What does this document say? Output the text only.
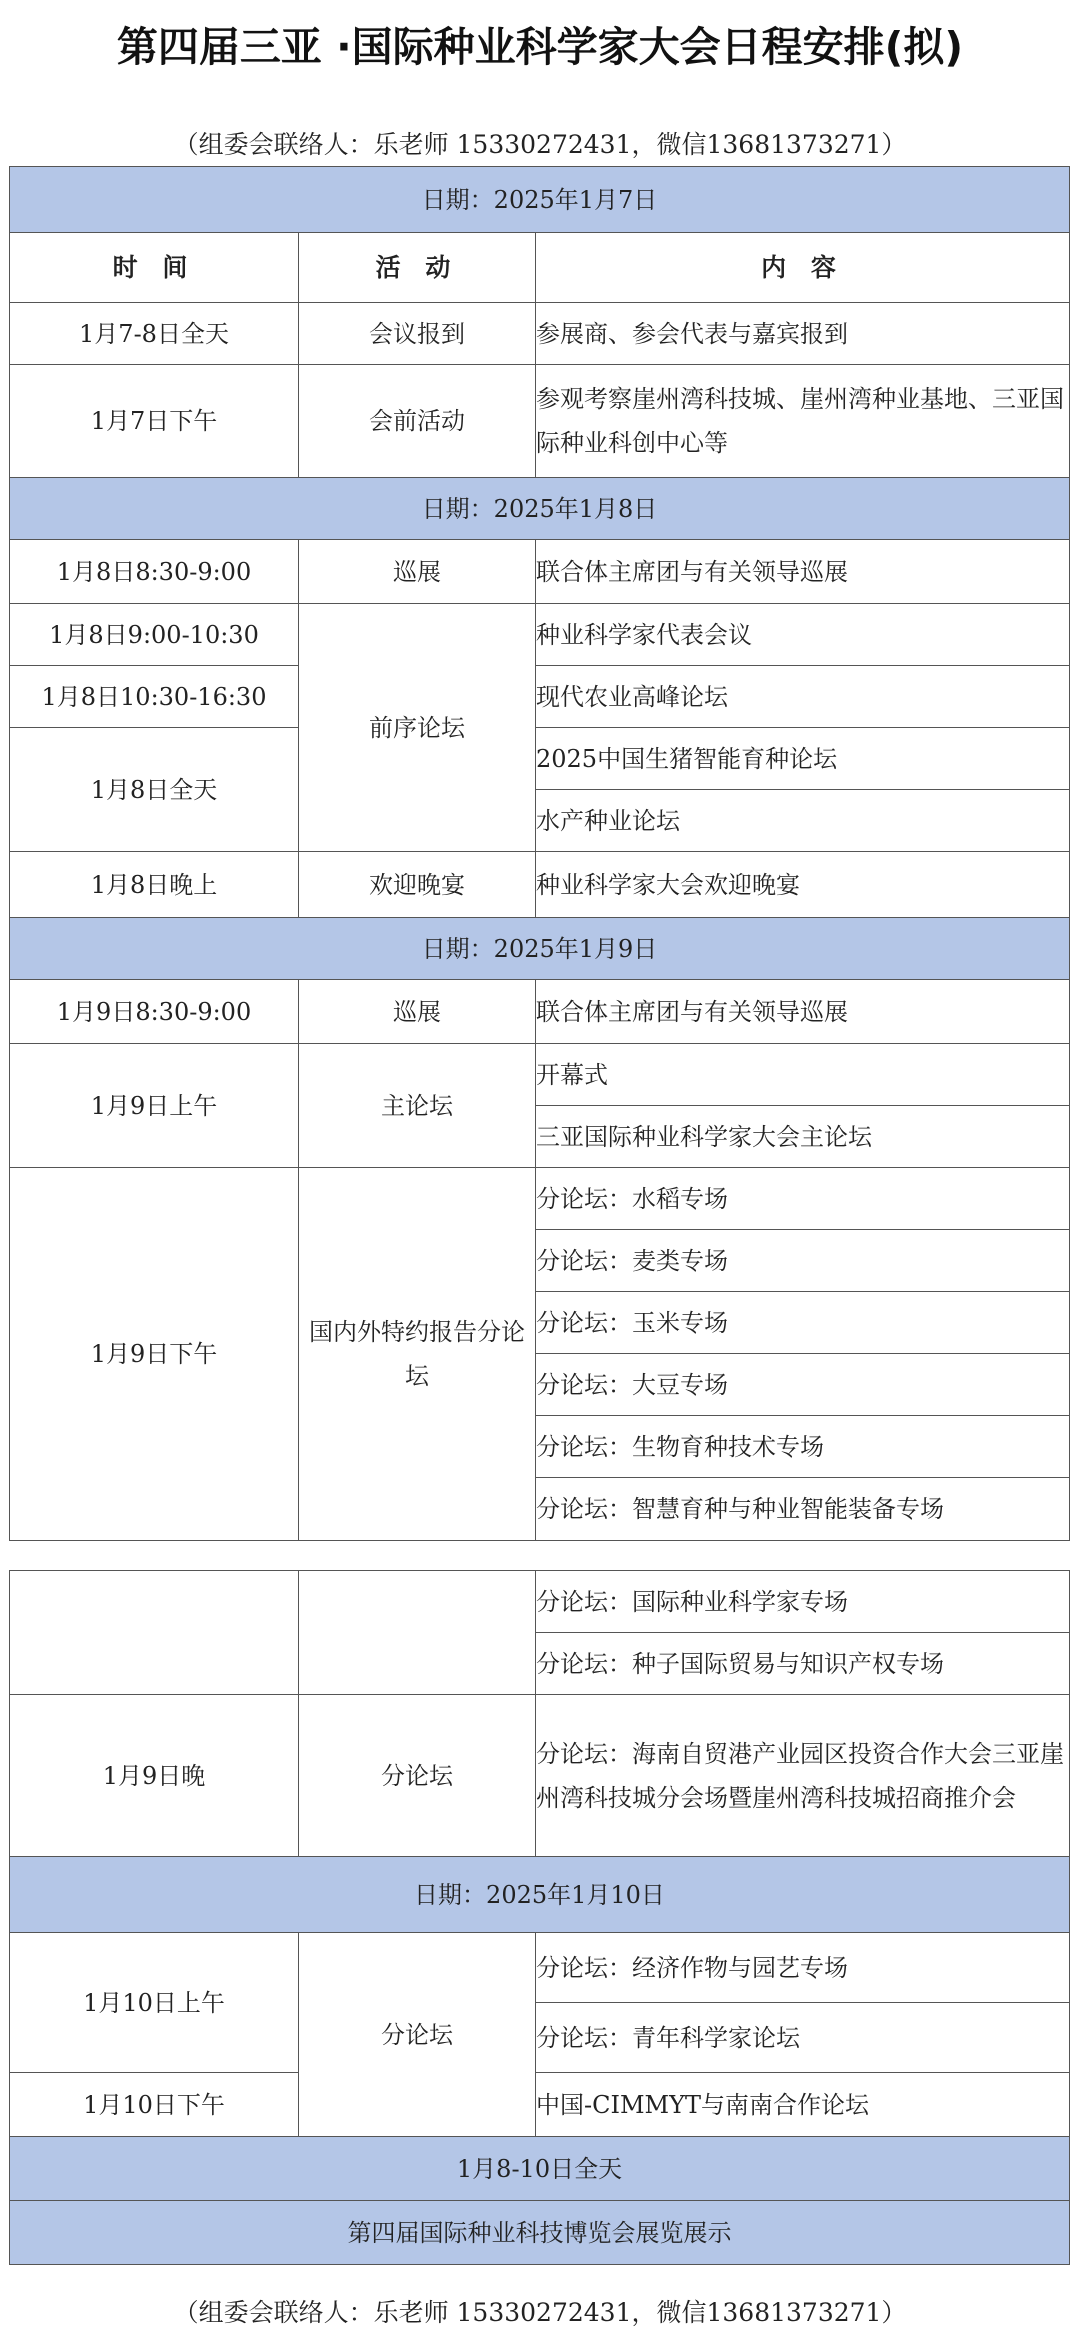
第四届三亚 ·国际种业科学家大会日程安排(拟)
（组委会联络人：乐老师 15330272431，微信13681373271）
日期：2025年1月7日		
时 间	活 动	内 容
1月7-8日全天	会议报到	参展商、参会代表与嘉宾报到
1月7日下午	会前活动	参观考察崖州湾科技城、崖州湾种业基地、三亚国际种业科创中心等
日期：2025年1月8日		
1月8日8:30-9:00	巡展	联合体主席团与有关领导巡展
1月8日9:00-10:30	前序论坛	种业科学家代表会议
1月8日10:30-16:30		现代农业高峰论坛
1月8日全天		2025中国生猪智能育种论坛
		水产种业论坛
1月8日晚上	欢迎晚宴	种业科学家大会欢迎晚宴
日期：2025年1月9日		
1月9日8:30-9:00	巡展	联合体主席团与有关领导巡展
1月9日上午	主论坛	开幕式
		三亚国际种业科学家大会主论坛
1月9日下午	国内外特约报告分论坛	分论坛：水稻专场
		分论坛：麦类专场
		分论坛：玉米专场
		分论坛：大豆专场
		分论坛：生物育种技术专场
		分论坛：智慧育种与种业智能装备专场
		分论坛：国际种业科学家专场
		分论坛：种子国际贸易与知识产权专场
1月9日晚	分论坛	分论坛：海南自贸港产业园区投资合作大会三亚崖州湾科技城分会场暨崖州湾科技城招商推介会
日期：2025年1月10日		
1月10日上午	分论坛	分论坛：经济作物与园艺专场
		分论坛：青年科学家论坛
1月10日下午		中国-CIMMYT与南南合作论坛
1月8-10日全天		
第四届国际种业科技博览会展览展示		
（组委会联络人：乐老师 15330272431，微信13681373271）
